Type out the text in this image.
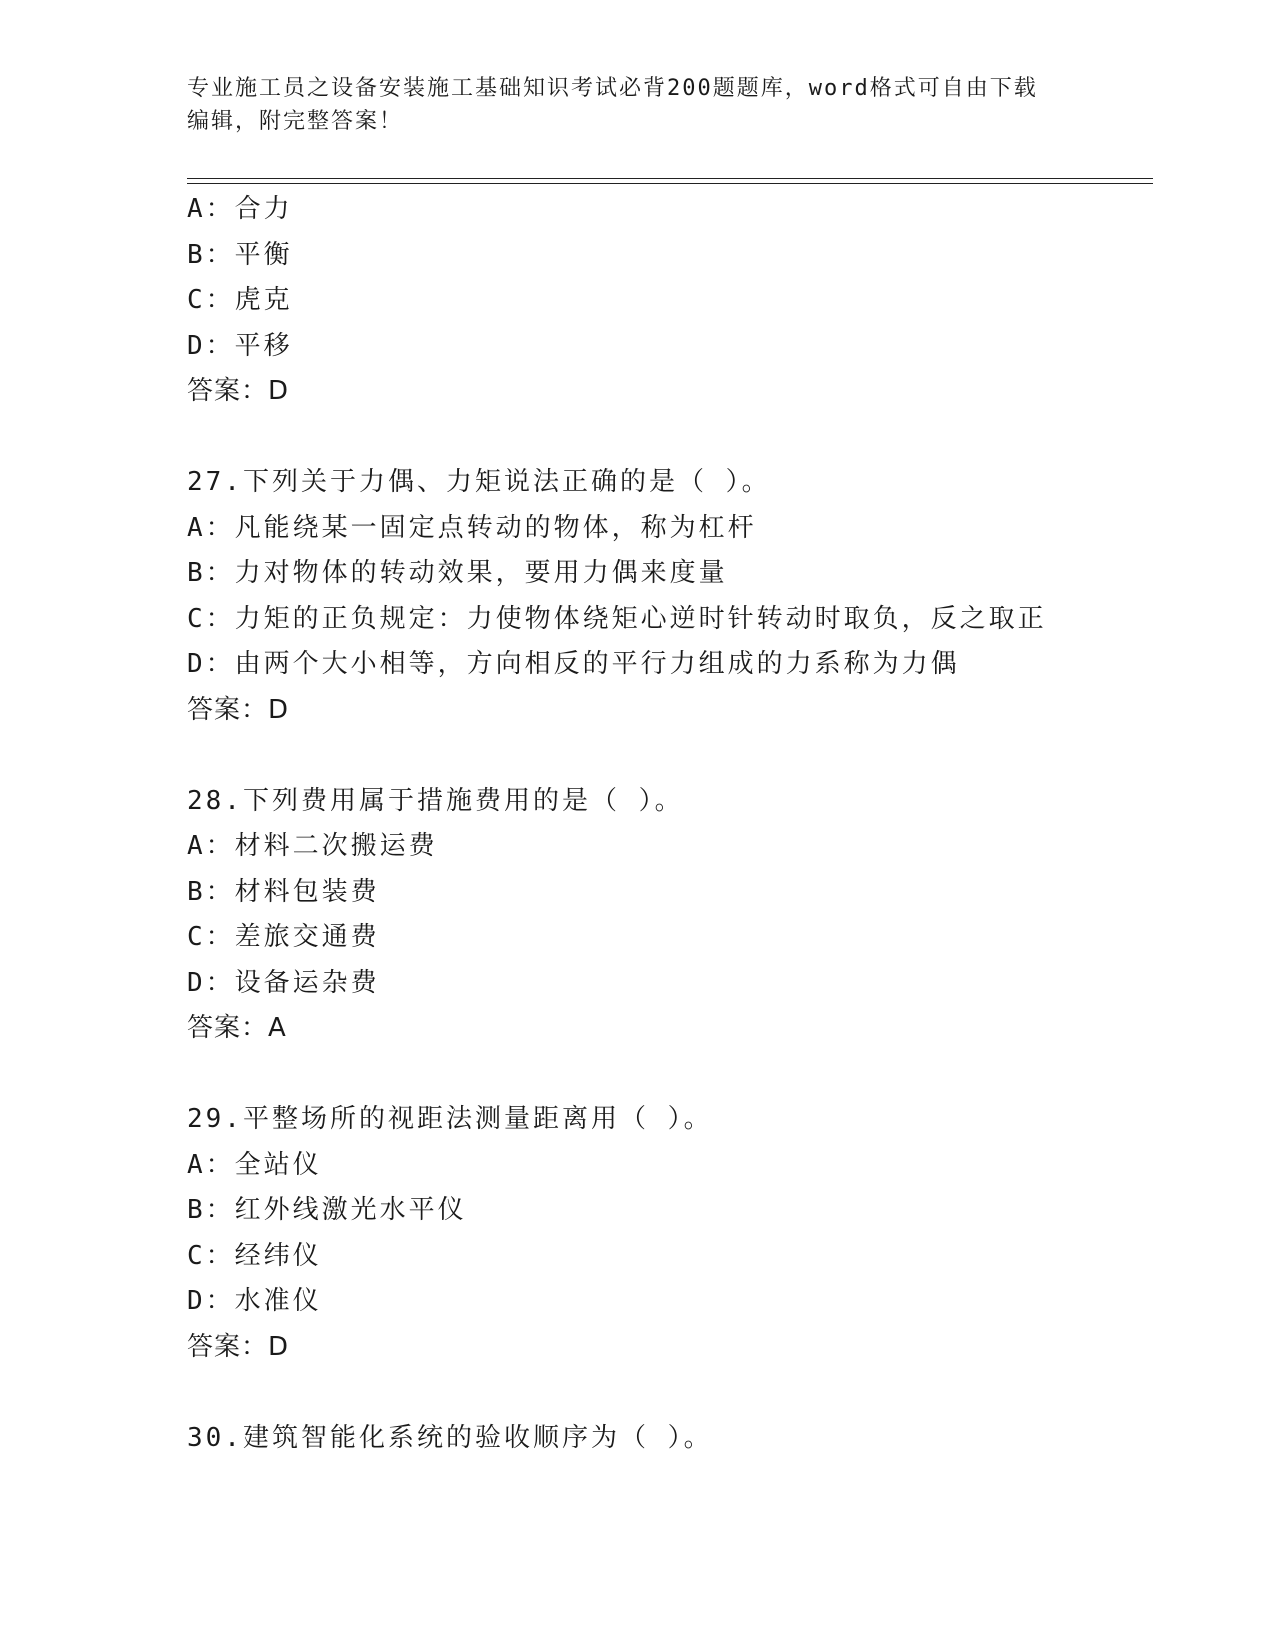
专业施工员之设备安装施工基础知识考试必背200题题库，word格式可自由下载
编辑，附完整答案！
A：合力
B：平衡
C：虎克
D：平移
答案：D
27.下列关于力偶、力矩说法正确的是（ ）。
A：凡能绕某一固定点转动的物体，称为杠杆
B：力对物体的转动效果，要用力偶来度量
C：力矩的正负规定：力使物体绕矩心逆时针转动时取负，反之取正
D：由两个大小相等，方向相反的平行力组成的力系称为力偶
答案：D
28.下列费用属于措施费用的是（ ）。
A：材料二次搬运费
B：材料包装费
C：差旅交通费
D：设备运杂费
答案：A
29.平整场所的视距法测量距离用（ ）。
A：全站仪
B：红外线激光水平仪
C：经纬仪
D：水准仪
答案：D
30.建筑智能化系统的验收顺序为（ ）。
